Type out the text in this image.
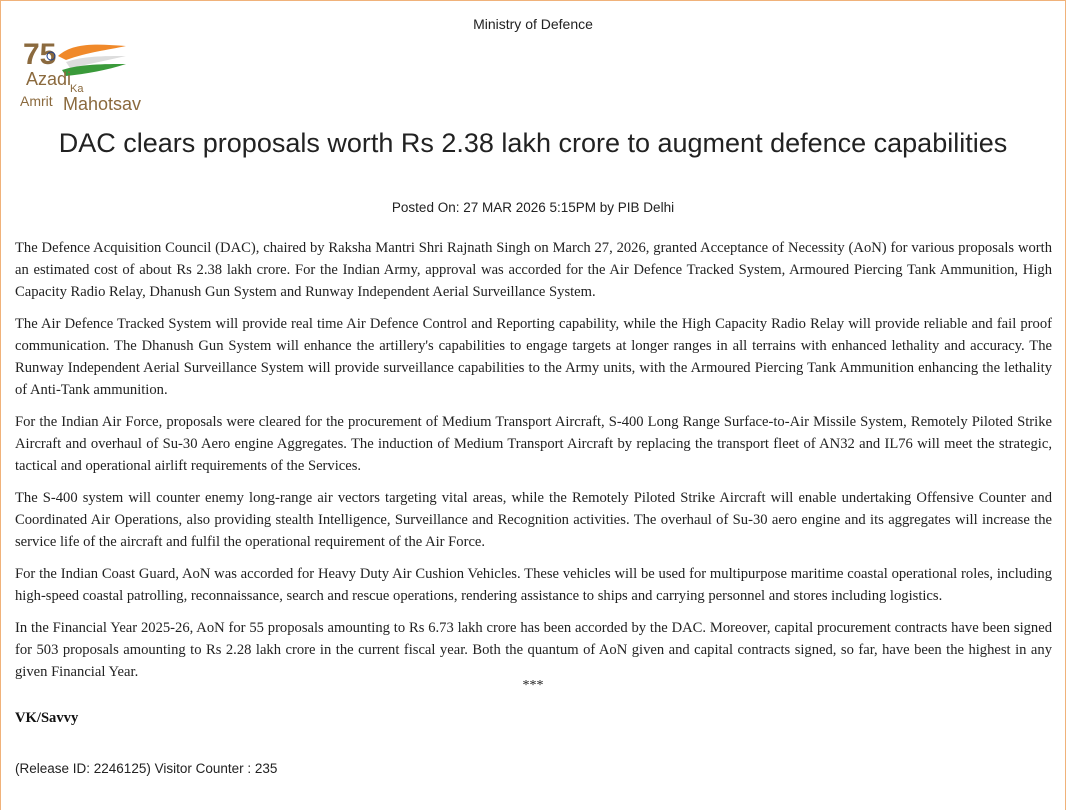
Ministry of Defence
75
Azadi
Ka
Amrit Mahotsav
DAC clears proposals worth Rs 2.38 lakh crore to augment defence capabilities
Posted On: 27 MAR 2026 5:15PM by PIB Delhi

The Defence Acquisition Council (DAC), chaired by Raksha Mantri Shri Rajnath Singh on March 27, 2026, granted Acceptance of Necessity (AoN) for various proposals worth an estimated cost of about Rs 2.38 lakh crore. For the Indian Army, approval was accorded for the Air Defence Tracked System, Armoured Piercing Tank Ammunition, High Capacity Radio Relay, Dhanush Gun System and Runway Independent Aerial Surveillance System.

The Air Defence Tracked System will provide real time Air Defence Control and Reporting capability, while the High Capacity Radio Relay will provide reliable and fail proof communication. The Dhanush Gun System will enhance the artillery's capabilities to engage targets at longer ranges in all terrains with enhanced lethality and accuracy. The Runway Independent Aerial Surveillance System will provide surveillance capabilities to the Army units, with the Armoured Piercing Tank Ammunition enhancing the lethality of Anti-Tank ammunition.

For the Indian Air Force, proposals were cleared for the procurement of Medium Transport Aircraft, S-400 Long Range Surface-to-Air Missile System, Remotely Piloted Strike Aircraft and overhaul of Su-30 Aero engine Aggregates. The induction of Medium Transport Aircraft by replacing the transport fleet of AN32 and IL76 will meet the strategic, tactical and operational airlift requirements of the Services.

The S-400 system will counter enemy long-range air vectors targeting vital areas, while the Remotely Piloted Strike Aircraft will enable undertaking Offensive Counter and Coordinated Air Operations, also providing stealth Intelligence, Surveillance and Recognition activities. The overhaul of Su-30 aero engine and its aggregates will increase the service life of the aircraft and fulfil the operational requirement of the Air Force.

For the Indian Coast Guard, AoN was accorded for Heavy Duty Air Cushion Vehicles. These vehicles will be used for multipurpose maritime coastal operational roles, including high-speed coastal patrolling, reconnaissance, search and rescue operations, rendering assistance to ships and carrying personnel and stores including logistics.

In the Financial Year 2025-26, AoN for 55 proposals amounting to Rs 6.73 lakh crore has been accorded by the DAC. Moreover, capital procurement contracts have been signed for 503 proposals amounting to Rs 2.28 lakh crore in the current fiscal year. Both the quantum of AoN given and capital contracts signed, so far, have been the highest in any given Financial Year.

***
VK/Savvy
(Release ID: 2246125) Visitor Counter : 235
